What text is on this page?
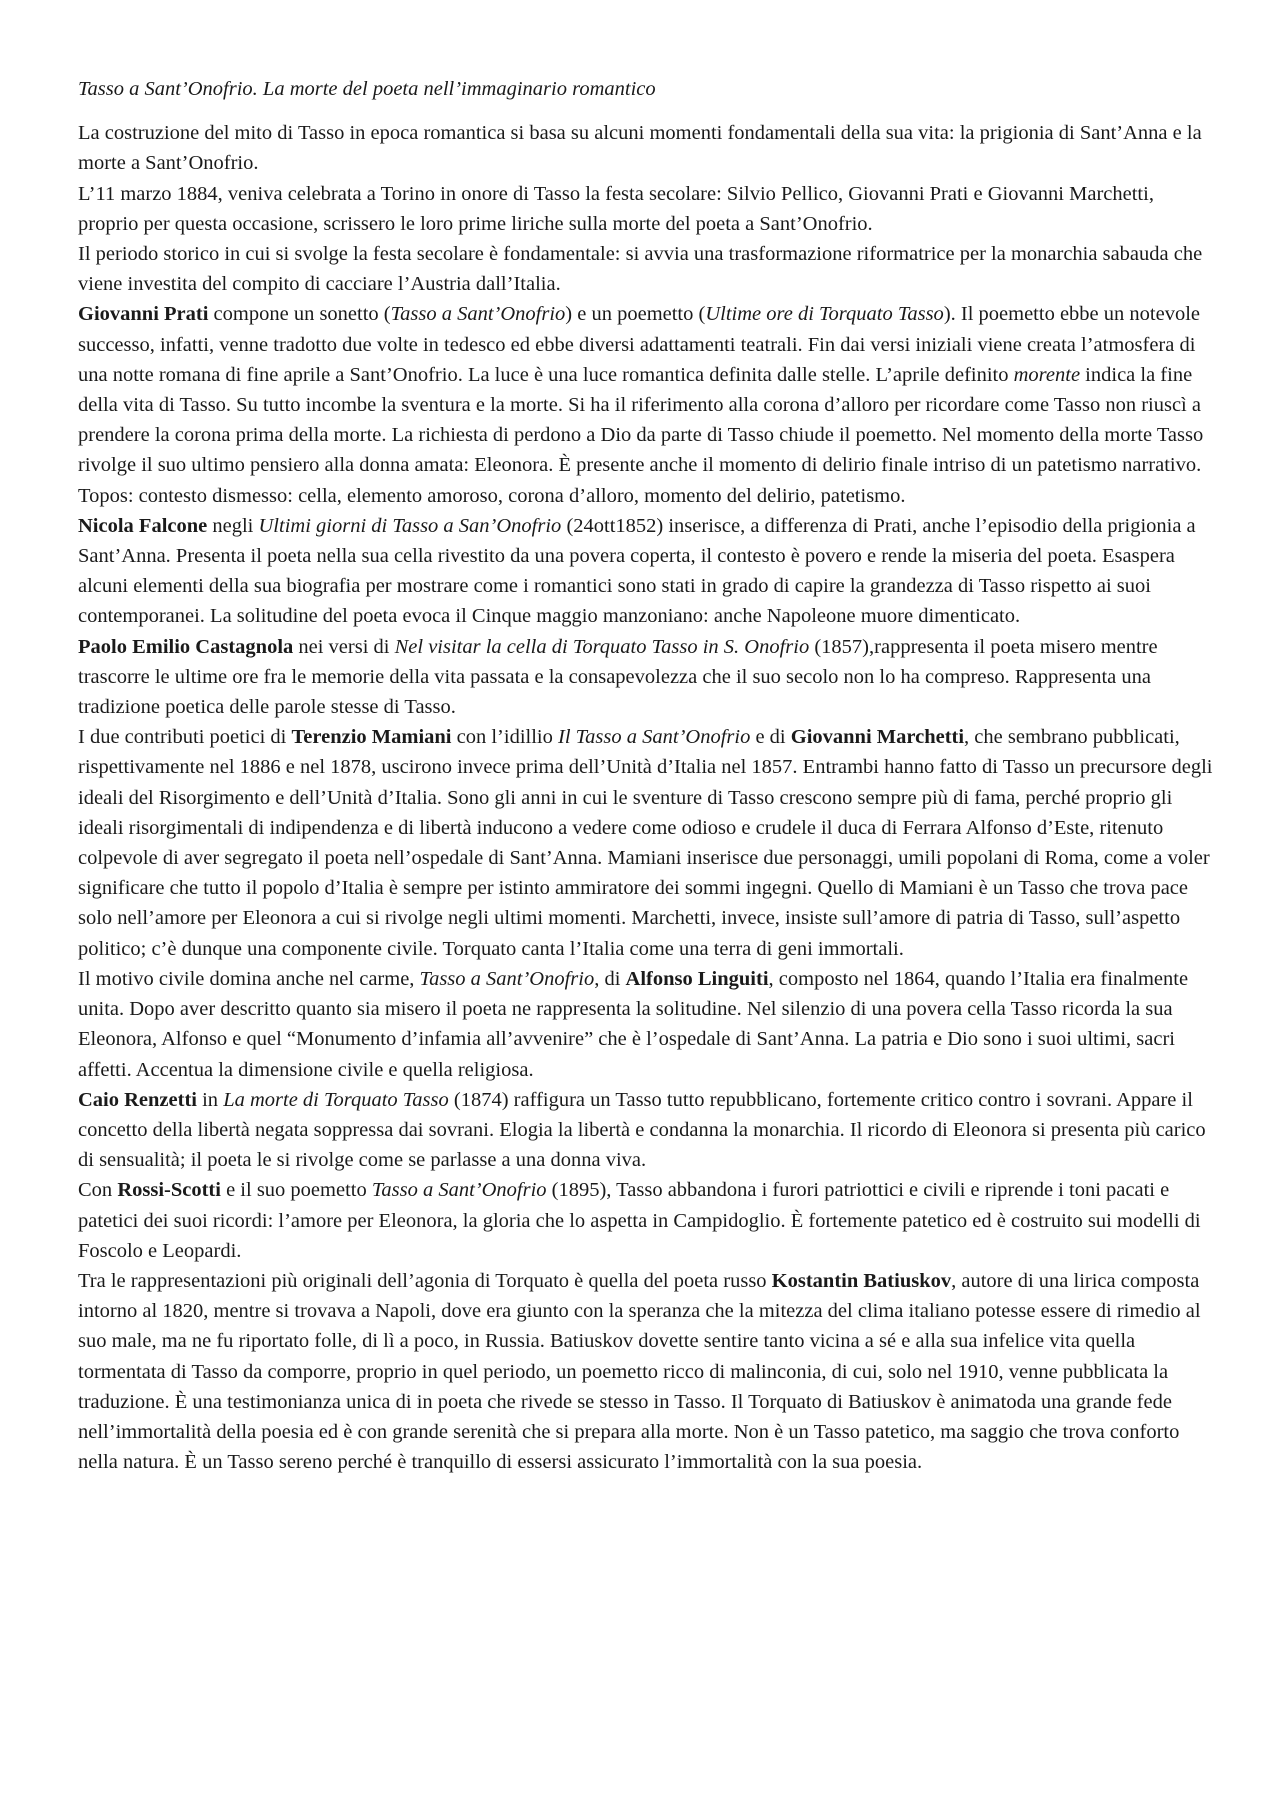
Tasso a Sant’Onofrio. La morte del poeta nell’immaginario romantico

La costruzione del mito di Tasso in epoca romantica si basa su alcuni momenti fondamentali della sua vita: la prigionia di Sant’Anna e la morte a Sant’Onofrio.

L’11 marzo 1884, veniva celebrata a Torino in onore di Tasso la festa secolare: Silvio Pellico, Giovanni Prati e Giovanni Marchetti, proprio per questa occasione, scrissero le loro prime liriche sulla morte del poeta a Sant’Onofrio.

Il periodo storico in cui si svolge la festa secolare è fondamentale: si avvia una trasformazione riformatrice per la monarchia sabauda che viene investita del compito di cacciare l’Austria dall’Italia.

Giovanni Prati compone un sonetto (Tasso a Sant’Onofrio) e un poemetto (Ultime ore di Torquato Tasso). Il poemetto ebbe un notevole successo, infatti, venne tradotto due volte in tedesco ed ebbe diversi adattamenti teatrali. Fin dai versi iniziali viene creata l’atmosfera di una notte romana di fine aprile a Sant’Onofrio. La luce è una luce romantica definita dalle stelle. L’aprile definito morente indica la fine della vita di Tasso. Su tutto incombe la sventura e la morte. Si ha il riferimento alla corona d’alloro per ricordare come Tasso non riuscì a prendere la corona prima della morte. La richiesta di perdono a Dio da parte di Tasso chiude il poemetto. Nel momento della morte Tasso rivolge il suo ultimo pensiero alla donna amata: Eleonora. È presente anche il momento di delirio finale intriso di un patetismo narrativo. Topos: contesto dismesso: cella, elemento amoroso, corona d’alloro, momento del delirio, patetismo.

Nicola Falcone negli Ultimi giorni di Tasso a San’Onofrio (24ott1852) inserisce, a differenza di Prati, anche l’episodio della prigionia a Sant’Anna. Presenta il poeta nella sua cella rivestito da una povera coperta, il contesto è povero e rende la miseria del poeta. Esaspera alcuni elementi della sua biografia per mostrare come i romantici sono stati in grado di capire la grandezza di Tasso rispetto ai suoi contemporanei. La solitudine del poeta evoca il Cinque maggio manzoniano: anche Napoleone muore dimenticato.

Paolo Emilio Castagnola nei versi di Nel visitar la cella di Torquato Tasso in S. Onofrio (1857),rappresenta il poeta misero mentre trascorre le ultime ore fra le memorie della vita passata e la consapevolezza che il suo secolo non lo ha compreso. Rappresenta una tradizione poetica delle parole stesse di Tasso.

I due contributi poetici di Terenzio Mamiani con l’idillio Il Tasso a Sant’Onofrio e di Giovanni Marchetti, che sembrano pubblicati, rispettivamente nel 1886 e nel 1878, uscirono invece prima dell’Unità d’Italia nel 1857. Entrambi hanno fatto di Tasso un precursore degli ideali del Risorgimento e dell’Unità d’Italia. Sono gli anni in cui le sventure di Tasso crescono sempre più di fama, perché proprio gli ideali risorgimentali di indipendenza e di libertà inducono a vedere come odioso e crudele il duca di Ferrara Alfonso d’Este, ritenuto colpevole di aver segregato il poeta nell’ospedale di Sant’Anna. Mamiani inserisce due personaggi, umili popolani di Roma, come a voler significare che tutto il popolo d’Italia è sempre per istinto ammiratore dei sommi ingegni. Quello di Mamiani è un Tasso che trova pace solo nell’amore per Eleonora a cui si rivolge negli ultimi momenti. Marchetti, invece, insiste sull’amore di patria di Tasso, sull’aspetto politico; c’è dunque una componente civile. Torquato canta l’Italia come una terra di geni immortali.

Il motivo civile domina anche nel carme, Tasso a Sant’Onofrio, di Alfonso Linguiti, composto nel 1864, quando l’Italia era finalmente unita. Dopo aver descritto quanto sia misero il poeta ne rappresenta la solitudine. Nel silenzio di una povera cella Tasso ricorda la sua Eleonora, Alfonso e quel “Monumento d’infamia all’avvenire” che è l’ospedale di Sant’Anna. La patria e Dio sono i suoi ultimi, sacri affetti. Accentua la dimensione civile e quella religiosa.

Caio Renzetti in La morte di Torquato Tasso (1874) raffigura un Tasso tutto repubblicano, fortemente critico contro i sovrani. Appare il concetto della libertà negata soppressa dai sovrani. Elogia la libertà e condanna la monarchia. Il ricordo di Eleonora si presenta più carico di sensualità; il poeta le si rivolge come se parlasse a una donna viva.

Con Rossi-Scotti e il suo poemetto Tasso a Sant’Onofrio (1895), Tasso abbandona i furori patriottici e civili e riprende i toni pacati e patetici dei suoi ricordi: l’amore per Eleonora, la gloria che lo aspetta in Campidoglio. È fortemente patetico ed è costruito sui modelli di Foscolo e Leopardi.

Tra le rappresentazioni più originali dell’agonia di Torquato è quella del poeta russo Kostantin Batiuskov, autore di una lirica composta intorno al 1820, mentre si trovava a Napoli, dove era giunto con la speranza che la mitezza del clima italiano potesse essere di rimedio al suo male, ma ne fu riportato folle, di lì a poco, in Russia. Batiuskov dovette sentire tanto vicina a sé e alla sua infelice vita quella tormentata di Tasso da comporre, proprio in quel periodo, un poemetto ricco di malinconia, di cui, solo nel 1910, venne pubblicata la traduzione. È una testimonianza unica di in poeta che rivede se stesso in Tasso. Il Torquato di Batiuskov è animatoda una grande fede nell’immortalità della poesia ed è con grande serenità che si prepara alla morte. Non è un Tasso patetico, ma saggio che trova conforto nella natura. È un Tasso sereno perché è tranquillo di essersi assicurato l’immortalità con la sua poesia.
